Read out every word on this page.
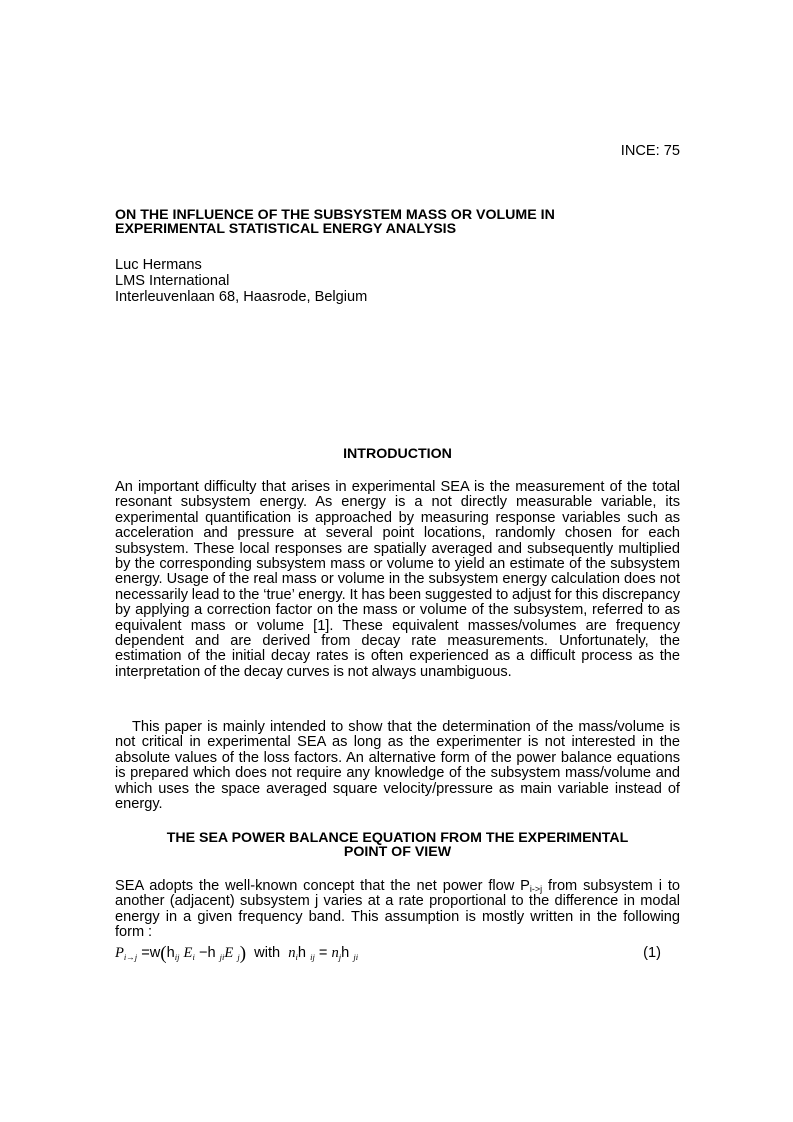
INCE: 75
ON THE INFLUENCE OF THE SUBSYSTEM MASS OR VOLUME IN
EXPERIMENTAL STATISTICAL ENERGY ANALYSIS
Luc Hermans
LMS International
Interleuvenlaan 68, Haasrode, Belgium
INTRODUCTION

An important difficulty that arises in experimental SEA is the measurement of the total resonant subsystem energy. As energy is a not directly measurable variable, its experimental quantification is approached by measuring response variables such as acceleration and pressure at several point locations, randomly chosen for each subsystem. These local responses are spatially averaged and subsequently multiplied by the corresponding subsystem mass or volume to yield an estimate of the subsystem energy. Usage of the real mass or volume in the subsystem energy calculation does not necessarily lead to the ‘true’ energy. It has been suggested to adjust for this discrepancy by applying a correction factor on the mass or volume of the subsystem, referred to as equivalent mass or volume [1]. These equivalent masses/volumes are frequency dependent and are derived from decay rate measurements. Unfortunately, the estimation of the initial decay rates is often experienced as a difficult process as the interpretation of the decay curves is not always unambiguous.

This paper is mainly intended to show that the determination of the mass/volume is not critical in experimental SEA as long as the experimenter is not interested in the absolute values of the loss factors. An alternative form of the power balance equations is prepared which does not require any knowledge of the subsystem mass/volume and which uses the space averaged square velocity/pressure as main variable instead of energy.

THE SEA POWER BALANCE EQUATION FROM THE EXPERIMENTAL
POINT OF VIEW

SEA adopts the well-known concept that the net power flow $P_{i->j}$ from subsystem i to another (adjacent) subsystem j varies at a rate proportional to the difference in modal energy in a given frequency band. This assumption is mostly written in the following form :

$P_{i\to j} =w(h_{ij}$ $E_i -h$ $_{ji}$E $_j$) with $n_ih$ $_{ij} = n_jh$ $_{ji}$	(1)
